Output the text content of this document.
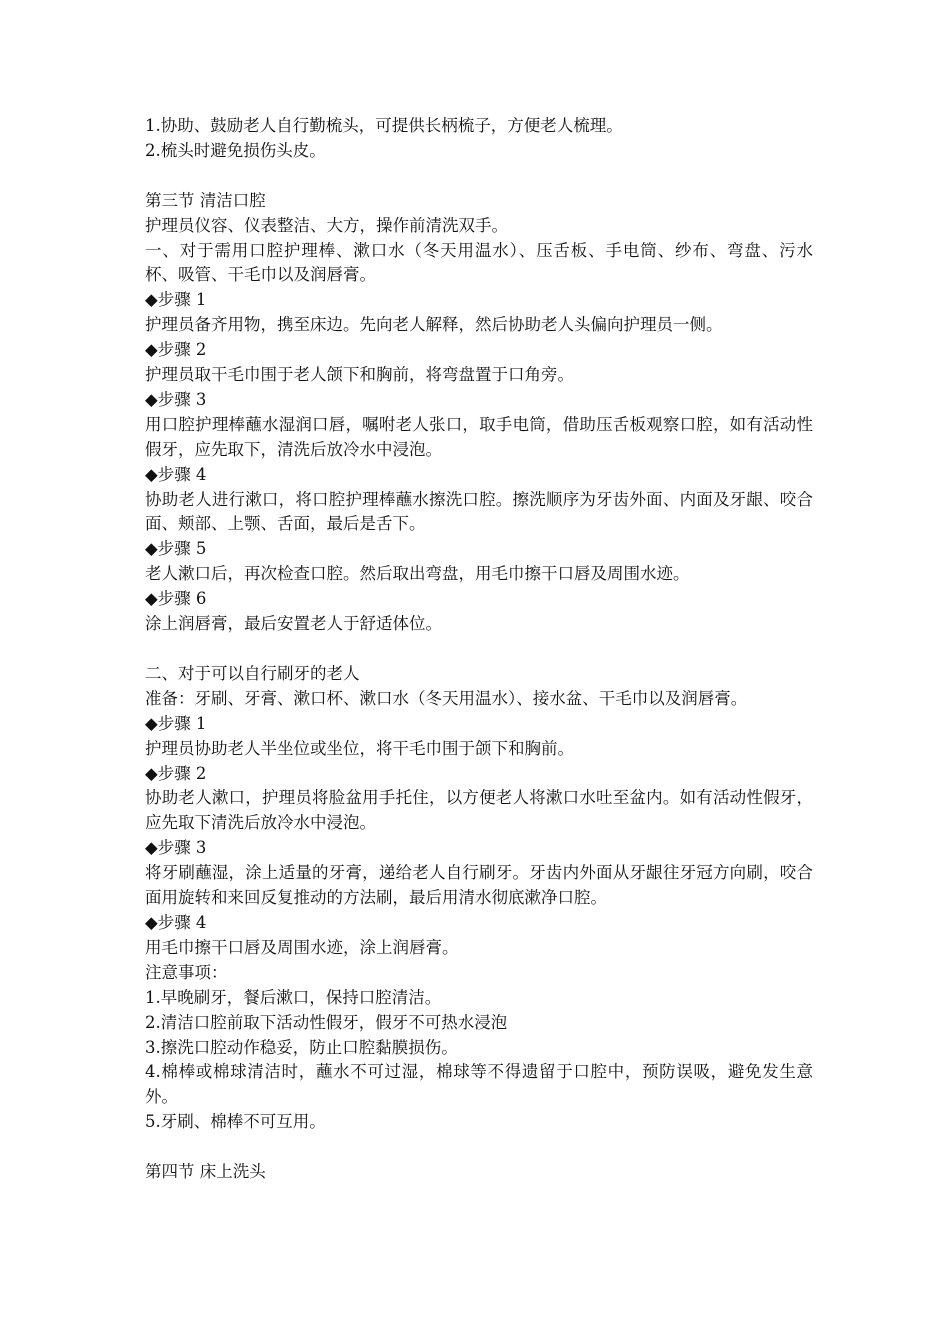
1.协助、鼓励老人自行勤梳头，可提供长柄梳子，方便老人梳理。
2.梳头时避免损伤头皮。
第三节 清洁口腔
护理员仪容、仪表整洁、大方，操作前清洗双手。
一、对于需用口腔护理棒、漱口水（冬天用温水）、压舌板、手电筒、纱布、弯盘、污水杯、吸管、干毛巾以及润唇膏。
◆步骤 1
护理员备齐用物，携至床边。先向老人解释，然后协助老人头偏向护理员一侧。
◆步骤 2
护理员取干毛巾围于老人颌下和胸前，将弯盘置于口角旁。
◆步骤 3
用口腔护理棒蘸水湿润口唇，嘱咐老人张口，取手电筒，借助压舌板观察口腔，如有活动性假牙，应先取下，清洗后放冷水中浸泡。
◆步骤 4
协助老人进行漱口，将口腔护理棒蘸水擦洗口腔。擦洗顺序为牙齿外面、内面及牙龈、咬合面、颊部、上颚、舌面，最后是舌下。
◆步骤 5
老人漱口后，再次检查口腔。然后取出弯盘，用毛巾擦干口唇及周围水迹。
◆步骤 6
涂上润唇膏，最后安置老人于舒适体位。
二、对于可以自行刷牙的老人
准备：牙刷、牙膏、漱口杯、漱口水（冬天用温水）、接水盆、干毛巾以及润唇膏。
◆步骤 1
护理员协助老人半坐位或坐位，将干毛巾围于颌下和胸前。
◆步骤 2
协助老人漱口，护理员将脸盆用手托住，以方便老人将漱口水吐至盆内。如有活动性假牙，应先取下清洗后放冷水中浸泡。
◆步骤 3
将牙刷蘸湿，涂上适量的牙膏，递给老人自行刷牙。牙齿内外面从牙龈往牙冠方向刷，咬合面用旋转和来回反复推动的方法刷，最后用清水彻底漱净口腔。
◆步骤 4
用毛巾擦干口唇及周围水迹，涂上润唇膏。
注意事项：
1.早晚刷牙，餐后漱口，保持口腔清洁。
2.清洁口腔前取下活动性假牙，假牙不可热水浸泡
3.擦洗口腔动作稳妥，防止口腔黏膜损伤。
4.棉棒或棉球清洁时，蘸水不可过湿，棉球等不得遗留于口腔中，预防误吸，避免发生意外。
5.牙刷、棉棒不可互用。
第四节 床上洗头
